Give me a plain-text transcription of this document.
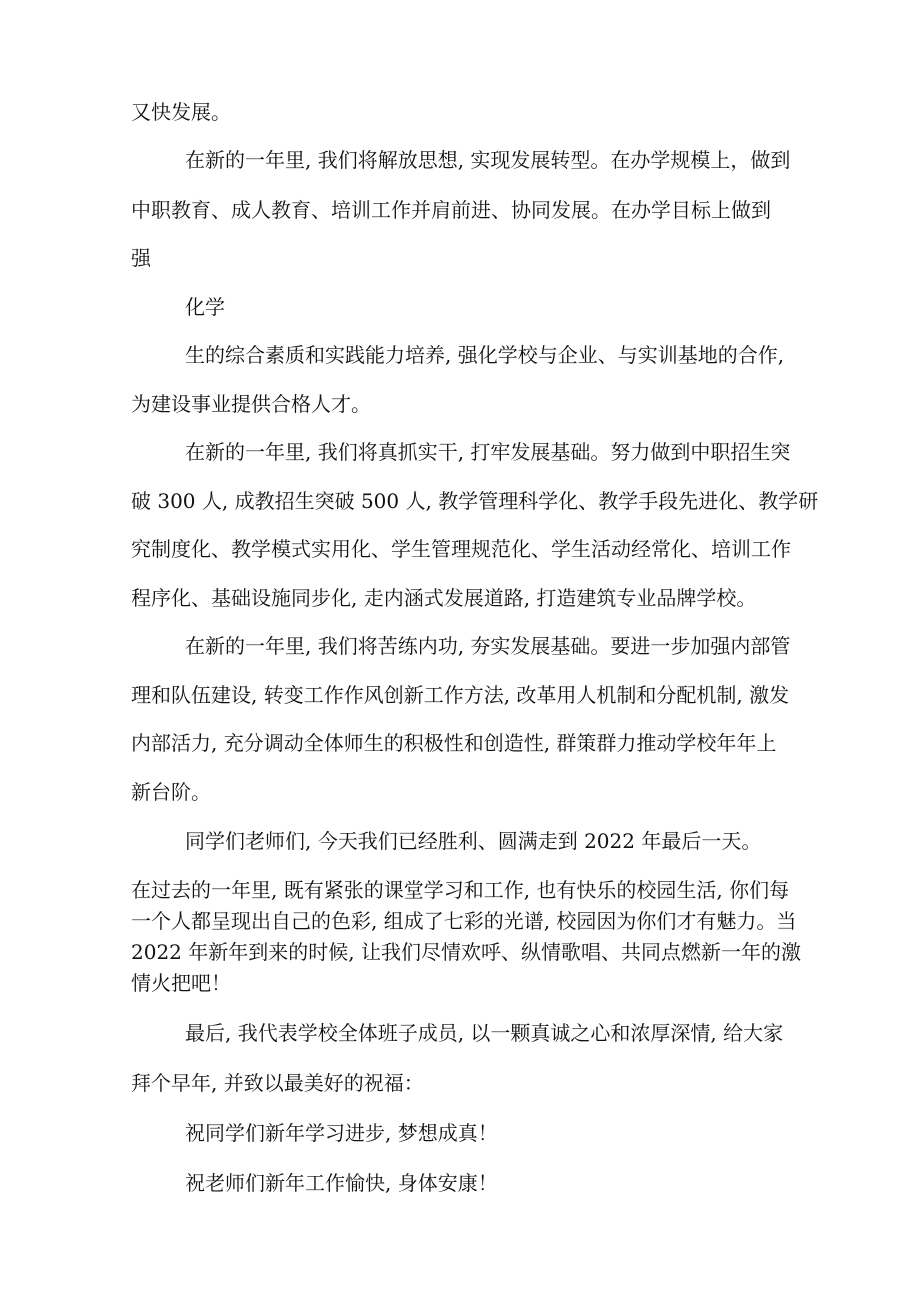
又快发展。
在新的一年里, 我们将解放思想, 实现发展转型。在办学规模上，做到
中职教育、成人教育、培训工作并肩前进、协同发展。在办学目标上做到
强
化学
生的综合素质和实践能力培养, 强化学校与企业、与实训基地的合作,
为建设事业提供合格人才。
在新的一年里, 我们将真抓实干, 打牢发展基础。努力做到中职招生突
破 300 人, 成教招生突破 500 人, 教学管理科学化、教学手段先进化、教学研
究制度化、教学模式实用化、学生管理规范化、学生活动经常化、培训工作
程序化、基础设施同步化, 走内涵式发展道路, 打造建筑专业品牌学校。
在新的一年里, 我们将苦练内功, 夯实发展基础。要进一步加强内部管
理和队伍建设, 转变工作作风创新工作方法, 改革用人机制和分配机制, 激发
内部活力, 充分调动全体师生的积极性和创造性, 群策群力推动学校年年上
新台阶。
同学们老师们, 今天我们已经胜利、圆满走到 2022 年最后一天。
在过去的一年里, 既有紧张的课堂学习和工作, 也有快乐的校园生活, 你们每
一个人都呈现出自己的色彩, 组成了七彩的光谱, 校园因为你们才有魅力。当
2022 年新年到来的时候, 让我们尽情欢呼、纵情歌唱、共同点燃新一年的激
情火把吧！
最后, 我代表学校全体班子成员, 以一颗真诚之心和浓厚深情, 给大家
拜个早年, 并致以最美好的祝福：
祝同学们新年学习进步, 梦想成真！
祝老师们新年工作愉快, 身体安康！
